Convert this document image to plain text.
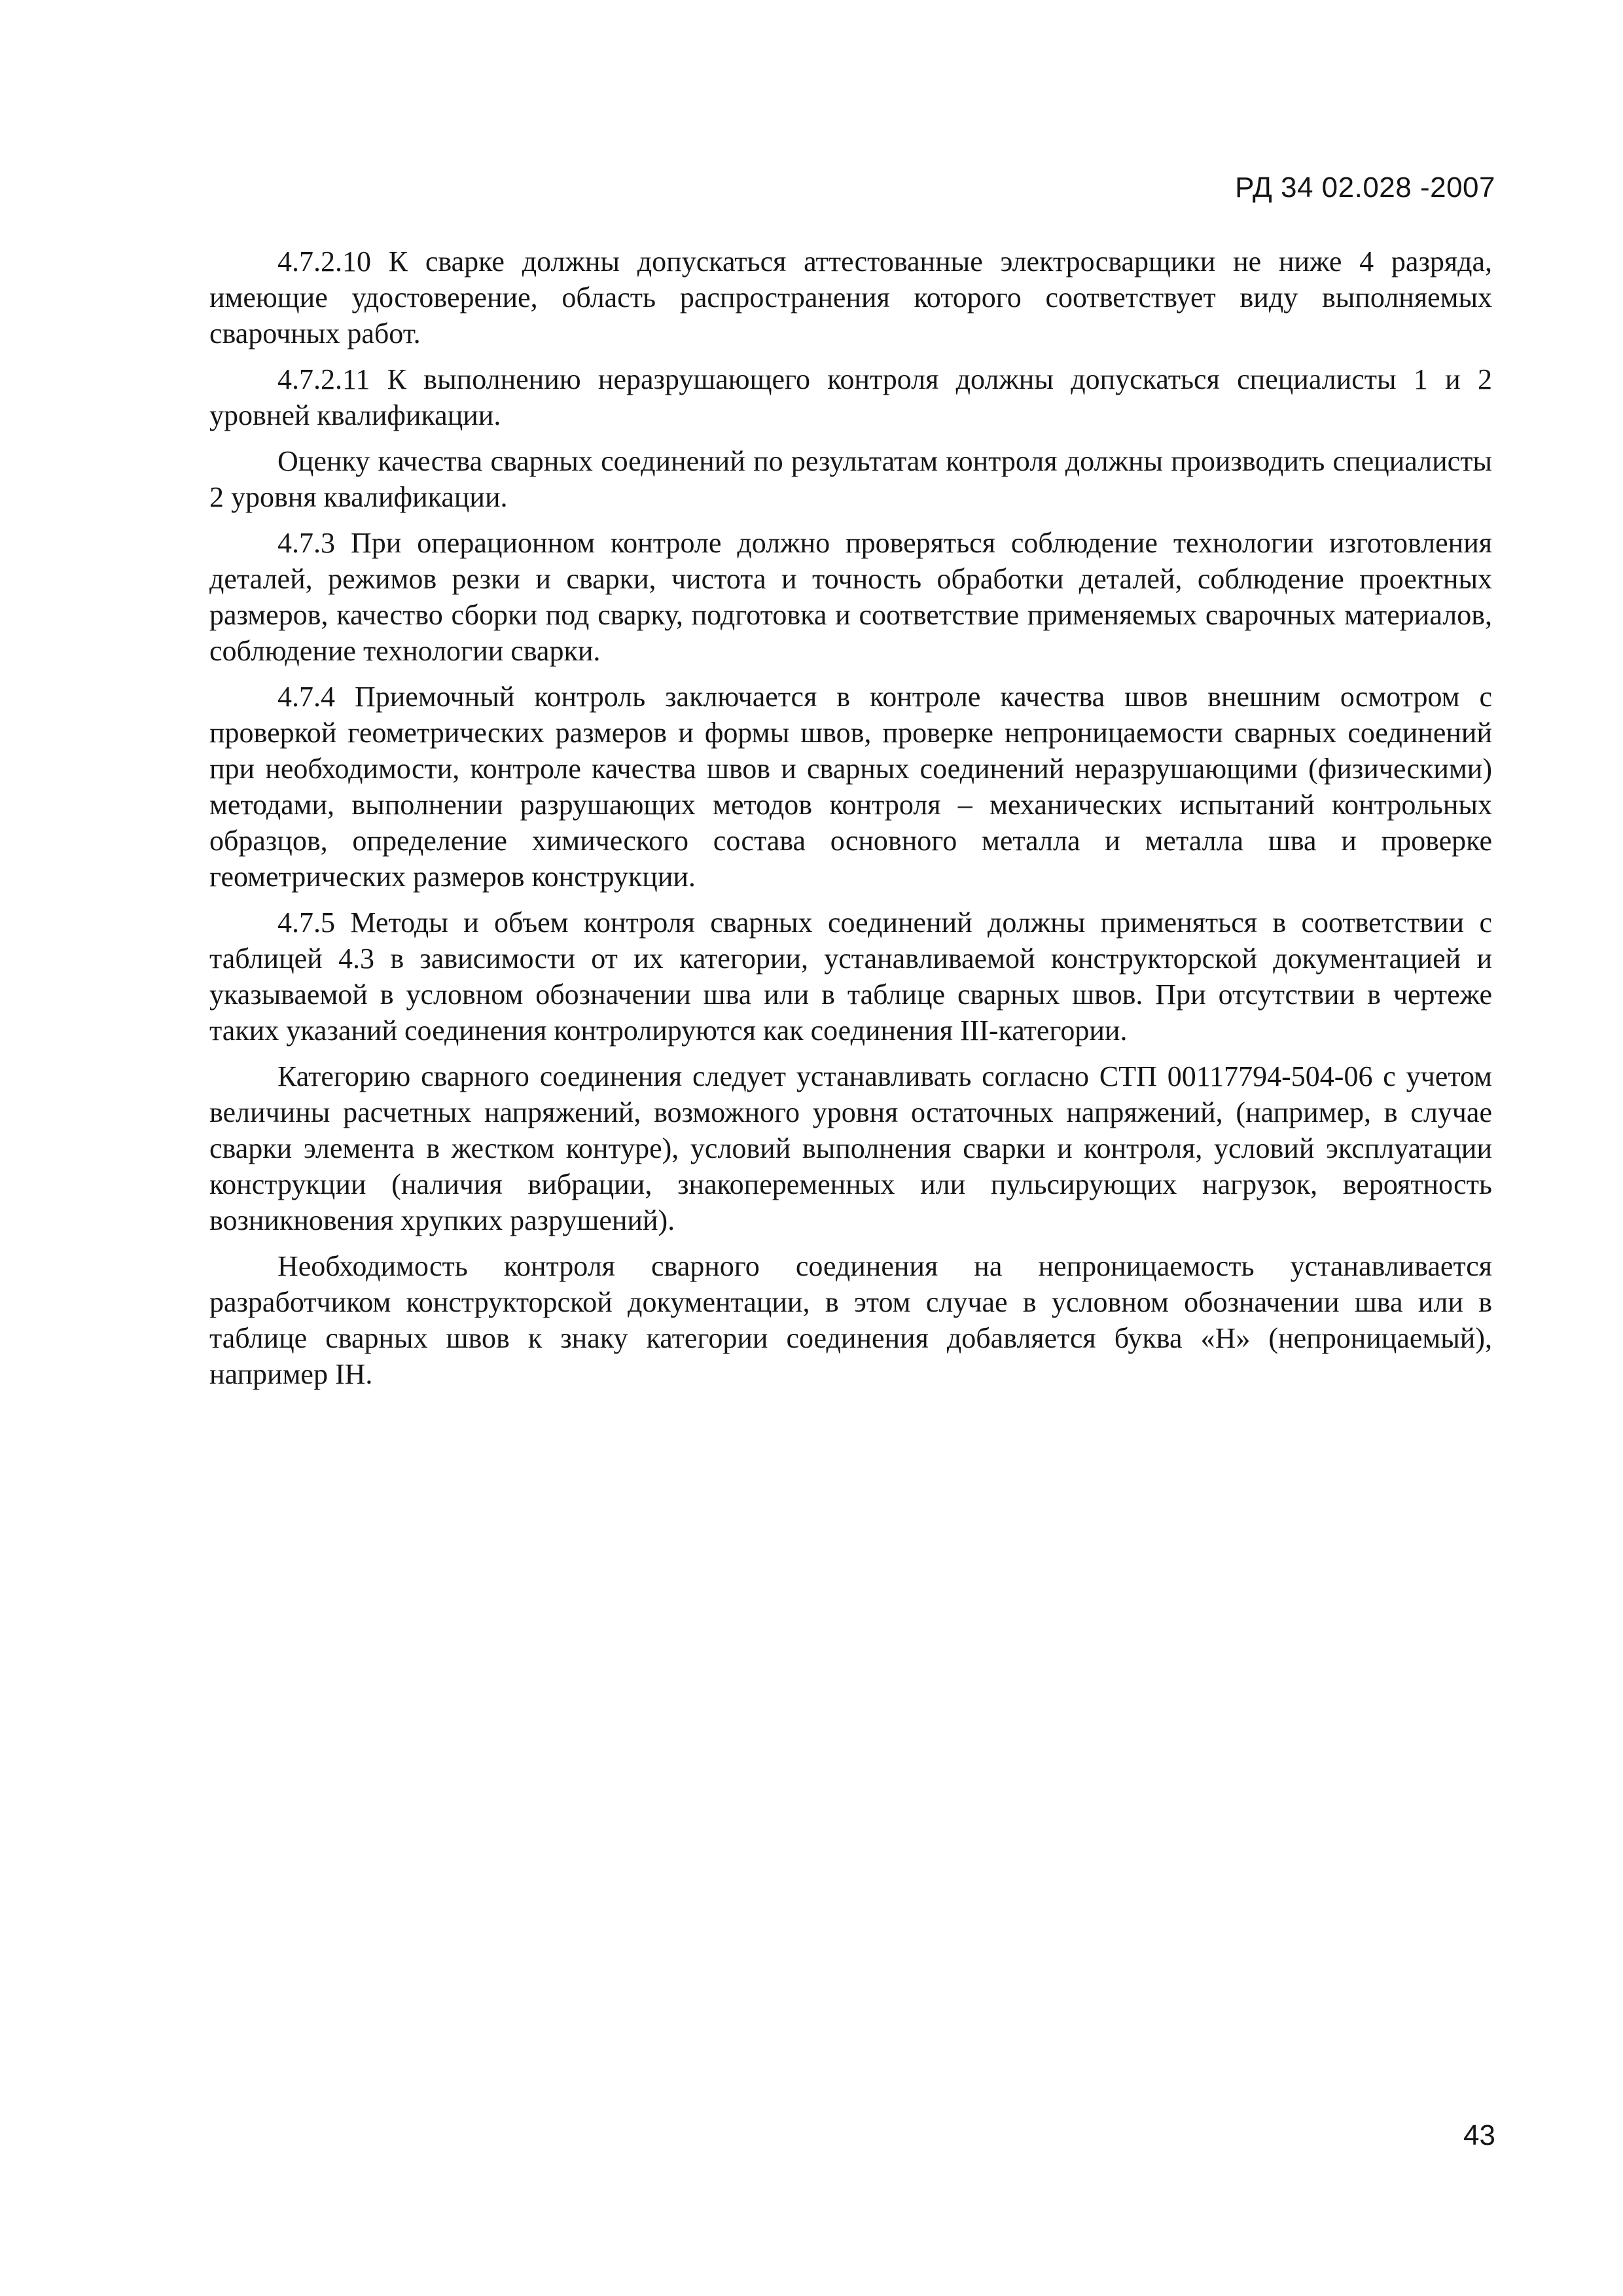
РД 34 02.028 -2007

4.7.2.10 К сварке должны допускаться аттестованные электросварщики не ниже 4 разряда, имеющие удостоверение, область распространения которого соответствует виду выполняемых сварочных работ.

4.7.2.11 К выполнению неразрушающего контроля должны допускаться специалисты 1 и 2 уровней квалификации.

Оценку качества сварных соединений по результатам контроля должны производить специалисты 2 уровня квалификации.

4.7.3 При операционном контроле должно проверяться соблюдение технологии изготовления деталей, режимов резки и сварки, чистота и точность обработки деталей, соблюдение проектных размеров, качество сборки под сварку, подготовка и соответствие применяемых сварочных материалов, соблюдение технологии сварки.

4.7.4 Приемочный контроль заключается в контроле качества швов внешним осмотром с проверкой геометрических размеров и формы швов, проверке непроницаемости сварных соединений при необходимости, контроле качества швов и сварных соединений неразрушающими (физическими) методами, выполнении разрушающих методов контроля – механических испытаний контрольных образцов, определение химического состава основного металла и металла шва и проверке геометрических размеров конструкции.

4.7.5 Методы и объем контроля сварных соединений должны применяться в соответствии с таблицей 4.3 в зависимости от их категории, устанавливаемой конструкторской документацией и указываемой в условном обозначении шва или в таблице сварных швов. При отсутствии в чертеже таких указаний соединения контролируются как соединения III-категории.

Категорию сварного соединения следует устанавливать согласно СТП 00117794-504-06 с учетом величины расчетных напряжений, возможного уровня остаточных напряжений, (например, в случае сварки элемента в жестком контуре), условий выполнения сварки и контроля, условий эксплуатации конструкции (наличия вибрации, знакопеременных или пульсирующих нагрузок, вероятность возникновения хрупких разрушений).

Необходимость контроля сварного соединения на непроницаемость устанавливается разработчиком конструкторской документации, в этом случае в условном обозначении шва или в таблице сварных швов к знаку категории соединения добавляется буква «Н» (непроницаемый), например IН.

43
